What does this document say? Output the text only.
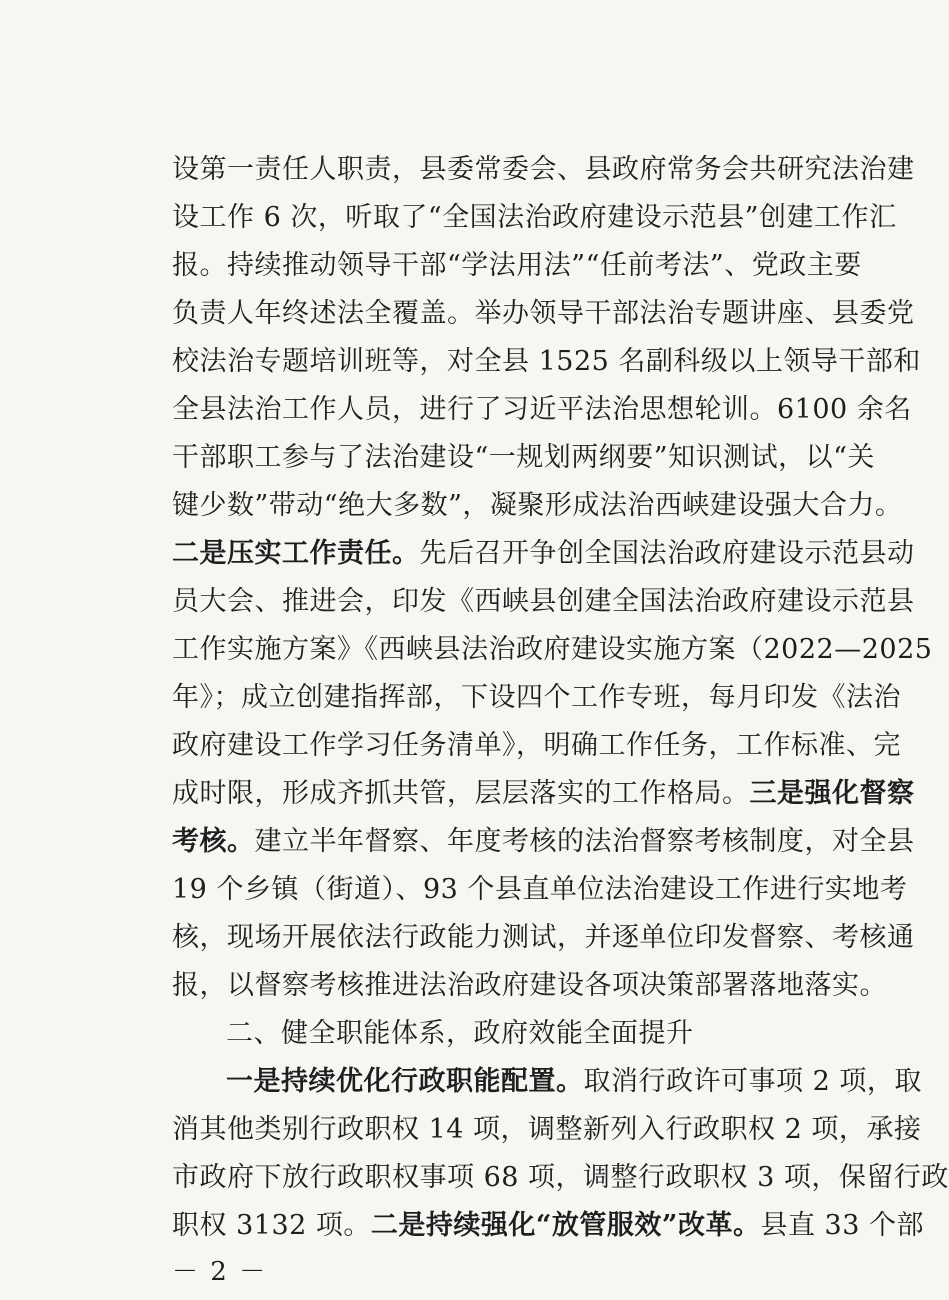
设第一责任人职责，县委常委会、县政府常务会共研究法治建
设工作 6 次，听取了“全国法治政府建设示范县”创建工作汇
报。持续推动领导干部“学法用法”“任前考法”、党政主要
负责人年终述法全覆盖。举办领导干部法治专题讲座、县委党
校法治专题培训班等，对全县 1525 名副科级以上领导干部和
全县法治工作人员，进行了习近平法治思想轮训。6100 余名
干部职工参与了法治建设“一规划两纲要”知识测试，以“关
键少数”带动“绝大多数”，凝聚形成法治西峡建设强大合力。
二是压实工作责任。先后召开争创全国法治政府建设示范县动
员大会、推进会，印发《西峡县创建全国法治政府建设示范县
工作实施方案》《西峡县法治政府建设实施方案（2022—2025
年》；成立创建指挥部，下设四个工作专班，每月印发《法治
政府建设工作学习任务清单》，明确工作任务，工作标准、完
成时限，形成齐抓共管，层层落实的工作格局。三是强化督察
考核。建立半年督察、年度考核的法治督察考核制度，对全县
19 个乡镇（街道）、93 个县直单位法治建设工作进行实地考
核，现场开展依法行政能力测试，并逐单位印发督察、考核通
报，以督察考核推进法治政府建设各项决策部署落地落实。
二、健全职能体系，政府效能全面提升
一是持续优化行政职能配置。取消行政许可事项 2 项，取
消其他类别行政职权 14 项，调整新列入行政职权 2 项，承接
市政府下放行政职权事项 68 项，调整行政职权 3 项，保留行政
职权 3132 项。二是持续强化“放管服效”改革。县直 33 个部
－ 2 －
